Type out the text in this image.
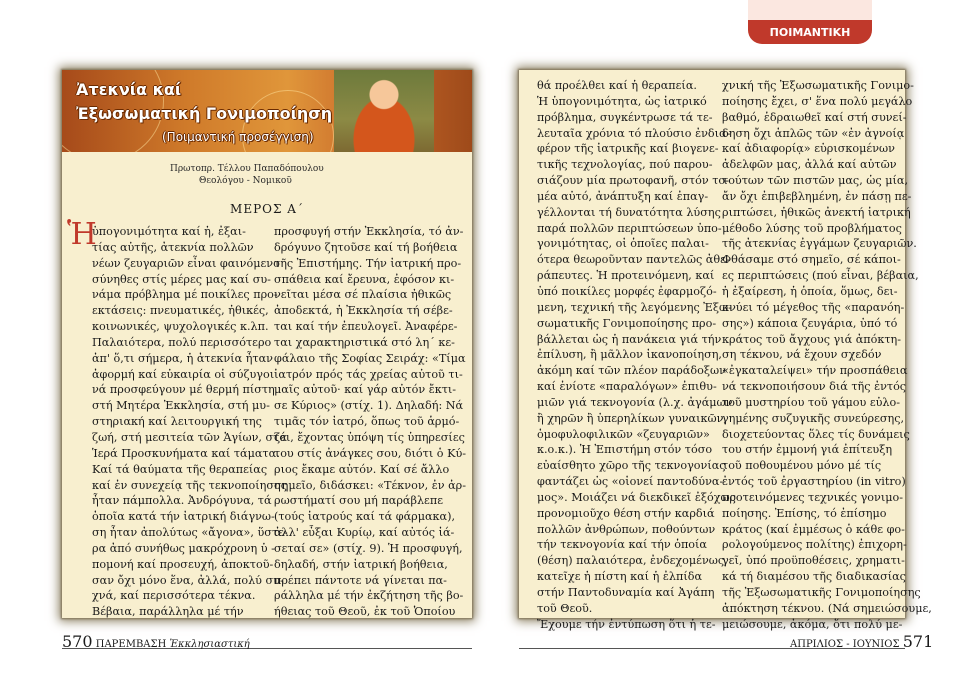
Ἀτεκνία καί
Ἐξωσωματική Γονιμοποίηση
(Ποιμαντική προσέγγιση)
Πρωτοπρ. Τέλλου Παπαδόπουλου
Θεολόγου - Νομικοῦ
ΜΕΡΟΣ Α΄
Ἡ
ὑπογονιμότητα καί ἡ, ἐξαι-
τίας αὐτῆς, ἀτεκνία πολλῶν
νέων ζευγαριῶν εἶναι φαινόμενο
σύνηθες στίς μέρες μας καί συ-
νάμα πρόβλημα μέ ποικίλες προ-
εκτάσεις: πνευματικές, ἠθικές,
κοινωνικές, ψυχολογικές κ.λπ.
Παλαιότερα, πολύ περισσότερο
ἀπ' ὅ,τι σήμερα, ἡ ἀτεκνία ἦταν
ἀφορμή καί εὐκαιρία οἱ σύζυγοι
νά προσφεύγουν μέ θερμή πίστη
στή Μητέρα Ἐκκλησία, στή μυ-
στηριακή καί λειτουργική της
ζωή, στή μεσιτεία τῶν Ἁγίων, στά
Ἱερά Προσκυνήματα καί τάματα.
Καί τά θαύματα τῆς θεραπείας
καί ἐν συνεχείᾳ τῆς τεκνοποίησης
ἦταν πάμπολλα. Ἀνδρόγυνα, τά
ὁποῖα κατά τήν ἰατρική διάγνω-
ση ἦταν ἀπολύτως «ἄγονα», ὕστε-
ρα ἀπό συνήθως μακρόχρονη ὑ -
πομονή καί προσευχή, ἀποκτοῦ-
σαν ὄχι μόνο ἕνα, ἀλλά, πολύ συ-
χνά, καί περισσότερα τέκνα.
Βέβαια, παράλληλα μέ τήν
προσφυγή στήν Ἐκκλησία, τό ἀν-
δρόγυνο ζητοῦσε καί τή βοήθεια
τῆς Ἐπιστήμης. Τήν ἰατρική προ-
σπάθεια καί ἔρευνα, ἐφόσον κι-
νεῖται μέσα σέ πλαίσια ἠθικῶς
ἀποδεκτά, ἡ Ἐκκλησία τή σέβε-
ται καί τήν ἐπευλογεῖ. Ἀναφέρε-
ται χαρακτηριστικά στό λη΄ κε-
φάλαιο τῆς Σοφίας Σειράχ: «Τίμα
ἰατρόν πρός τάς χρείας αὐτοῦ τι-
μαῖς αὐτοῦ· καί γάρ αὐτόν ἔκτι-
σε Κύριος» (στίχ. 1). Δηλαδή: Νά
τιμᾶς τόν ἰατρό, ὅπως τοῦ ἁρμό-
ζει, ἔχοντας ὑπόψη τίς ὑπηρεσίες
του στίς ἀνάγκες σου, διότι ὁ Κύ-
ριος ἔκαμε αὐτόν. Καί σέ ἄλλο
σημεῖο, διδάσκει: «Τέκνον, ἐν ἀρ-
ρωστήματί σου μή παράβλεπε
(τούς ἰατρούς καί τά φάρμακα),
ἀλλ' εὖξαι Κυρίῳ, καί αὐτός ἰά-
σεταί σε» (στίχ. 9). Ἡ προσφυγή,
δηλαδή, στήν ἰατρική βοήθεια,
πρέπει πάντοτε νά γίνεται πα-
ράλληλα μέ τήν ἐκζήτηση τῆς βο-
ήθειας τοῦ Θεοῦ, ἐκ τοῦ Ὁποίου
570 ΠΑΡΕΜΒΑΣΗ Ἐκκλησιαστική
ΠΟΙΜΑΝΤΙΚΗ
θά προέλθει καί ἡ θεραπεία.
Ἡ ὑπογονιμότητα, ὡς ἰατρικό
πρόβλημα, συγκέντρωσε τά τε-
λευταῖα χρόνια τό πλούσιο ἐνδια-
φέρον τῆς ἰατρικῆς καί βιογενε-
τικῆς τεχνολογίας, πού παρου-
σιάζουν μία πρωτοφανῆ, στόν το-
μέα αὐτό, ἀνάπτυξη καί ἐπαγ-
γέλλονται τή δυνατότητα λύσης
παρά πολλῶν περιπτώσεων ὑπο-
γονιμότητας, οἱ ὁποῖες παλαι-
ότερα θεωροῦνταν παντελῶς ἀθε-
ράπευτες. Ἡ προτεινόμενη, καί
ὑπό ποικίλες μορφές ἐφαρμοζό-
μενη, τεχνική τῆς λεγόμενης Ἐξω-
σωματικῆς Γονιμοποίησης προ-
βάλλεται ὡς ἡ πανάκεια γιά τήν
ἐπίλυση, ἢ μᾶλλον ἱκανοποίηση,
ἀκόμη καί τῶν πλέον παράδοξων
καί ἐνίοτε «παραλόγων» ἐπιθυ-
μιῶν γιά τεκνογονία (λ.χ. ἀγάμων
ἢ χηρῶν ἢ ὑπερηλίκων γυναικῶν,
ὁμοφυλοφιλικῶν «ζευγαριῶν»
κ.ο.κ.). Ἡ Ἐπιστήμη στόν τόσο
εὐαίσθητο χῶρο τῆς τεκνογονίας
φαντάζει ὡς «οἱονεί παντοδύνα-
μος». Μοιάζει νά διεκδικεῖ ἐξόχως
προνομιοῦχο θέση στήν καρδιά
πολλῶν ἀνθρώπων, ποθούντων
τήν τεκνογονία καί τήν ὁποία
(θέση) παλαιότερα, ἐνδεχομένως,
κατεῖχε ἡ πίστη καί ἡ ἐλπίδα
στήν Παντοδυναμία καί Ἀγάπη
τοῦ Θεοῦ.
Ἔχουμε τήν ἐντύπωση ὅτι ἡ τε-
χνική τῆς Ἐξωσωματικῆς Γονιμο-
ποίησης ἔχει, σ' ἕνα πολύ μεγάλο
βαθμό, ἑδραιωθεῖ καί στή συνεί-
δηση ὄχι ἁπλῶς τῶν «ἐν ἀγνοίᾳ
καί ἀδιαφορίᾳ» εὑρισκομένων
ἀδελφῶν μας, ἀλλά καί αὐτῶν
τούτων τῶν πιστῶν μας, ὡς μία,
ἄν ὄχι ἐπιβεβλημένη, ἐν πάσῃ πε-
ριπτώσει, ἠθικῶς ἀνεκτή ἰατρική
μέθοδο λύσης τοῦ προβλήματος
τῆς ἀτεκνίας ἐγγάμων ζευγαριῶν.
Φθάσαμε στό σημεῖο, σέ κάποι-
ες περιπτώσεις (πού εἶναι, βέβαια,
ἡ ἐξαίρεση, ἡ ὁποία, ὅμως, δει-
κνύει τό μέγεθος τῆς «παρανόη-
σης») κάποια ζευγάρια, ὑπό τό
κράτος τοῦ ἄγχους γιά ἀπόκτη-
ση τέκνου, νά ἔχουν σχεδόν
«ἐγκαταλείψει» τήν προσπάθεια
νά τεκνοποιήσουν διά τῆς ἐντός
τοῦ μυστηρίου τοῦ γάμου εὐλο-
γημένης συζυγικῆς συνεύρεσης,
διοχετεύοντας ὅλες τίς δυνάμεις
του στήν ἐμμονή γιά ἐπίτευξη
τοῦ ποθουμένου μόνο μέ τίς
ἐντός τοῦ ἐργαστηρίου (in vitro)
προτεινόμενες τεχνικές γονιμο-
ποίησης. Ἐπίσης, τό ἐπίσημο
κράτος (καί ἐμμέσως ὁ κάθε φο-
ρολογούμενος πολίτης) ἐπιχορη-
γεῖ, ὑπό προϋποθέσεις, χρηματι-
κά τή διαμέσου τῆς διαδικασίας
τῆς Ἐξωσωματικῆς Γονιμοποίησης
ἀπόκτηση τέκνου. (Νά σημειώσουμε,
μειώσουμε, ἀκόμα, ὅτι πολύ με-
ΑΠΡΙΛΙΟΣ - ΙΟΥΝΙΟΣ 571
